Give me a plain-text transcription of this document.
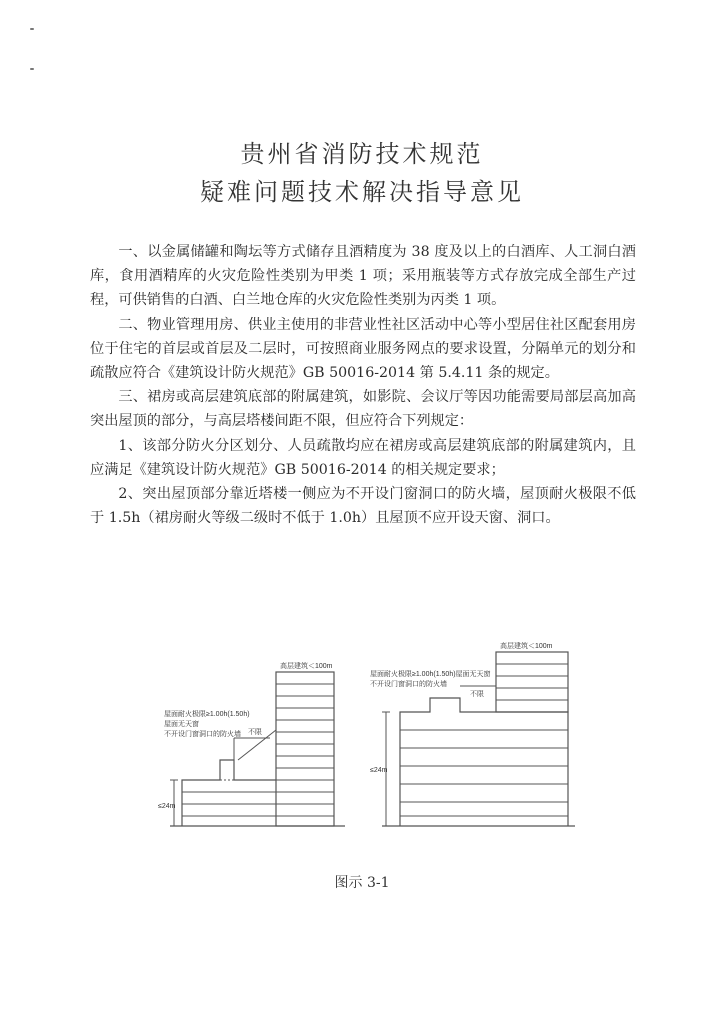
贵州省消防技术规范
疑难问题技术解决指导意见

一、以金属储罐和陶坛等方式储存且酒精度为 38 度及以上的白酒库、人工洞白酒库，食用酒精库的火灾危险性类别为甲类 1 项；采用瓶装等方式存放完成全部生产过程，可供销售的白酒、白兰地仓库的火灾危险性类别为丙类 1 项。

二、物业管理用房、供业主使用的非营业性社区活动中心等小型居住社区配套用房位于住宅的首层或首层及二层时，可按照商业服务网点的要求设置，分隔单元的划分和疏散应符合《建筑设计防火规范》GB 50016-2014 第 5.4.11 条的规定。

三、裙房或高层建筑底部的附属建筑，如影院、会议厅等因功能需要局部层高加高突出屋顶的部分，与高层塔楼间距不限，但应符合下列规定：

1、该部分防火分区划分、人员疏散均应在裙房或高层建筑底部的附属建筑内，且应满足《建筑设计防火规范》GB 50016-2014 的相关规定要求；

2、突出屋顶部分靠近塔楼一侧应为不开设门窗洞口的防火墙，屋顶耐火极限不低于 1.5h（裙房耐火等级二级时不低于 1.0h）且屋顶不应开设天窗、洞口。

高层建筑＜100m
屋面耐火极限≥1.00h(1.50h)
屋面无天窗
不开设门窗洞口的防火墙 不限
≤24m
高层建筑＜100m
屋面耐火极限≥1.00h(1.50h)屋面无天窗
不开设门窗洞口的防火墙
不限
≤24m
图示 3-1
